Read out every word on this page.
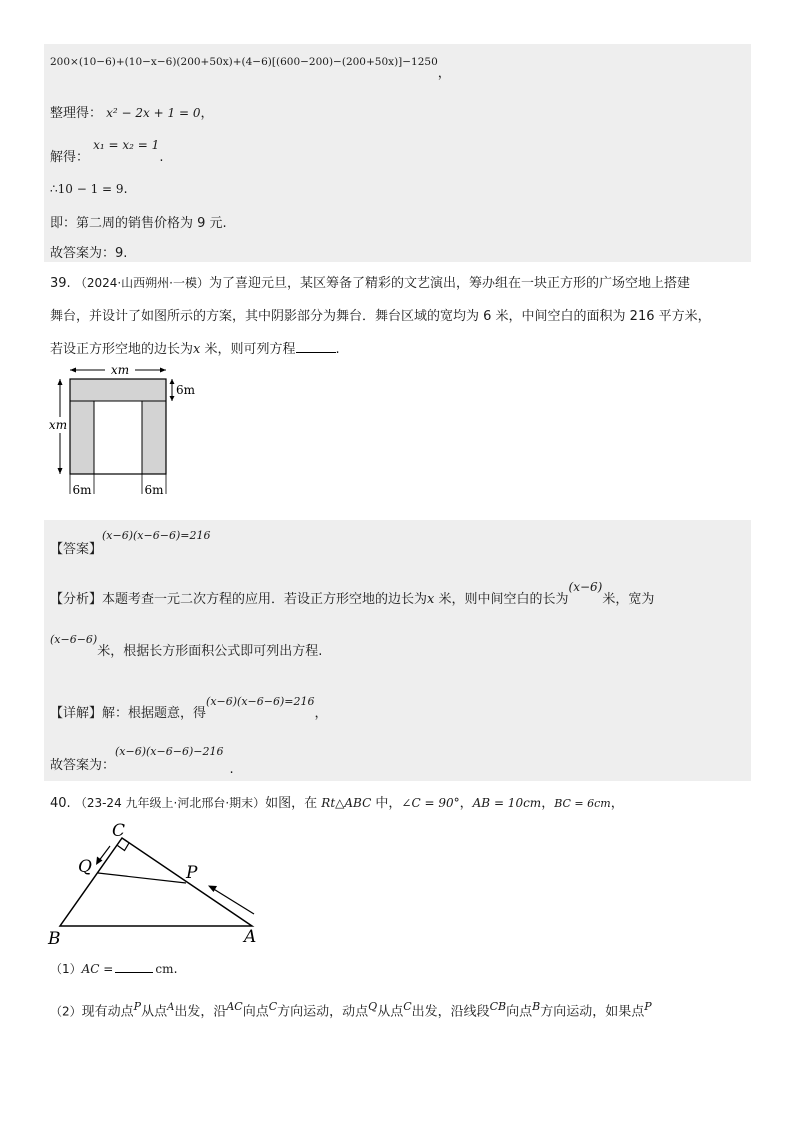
200×(10−6)+(10−x−6)(200+50x)+(4−6)[(600−200)−(200+50x)]−1250，
整理得： x² − 2x + 1 = 0，
解得： x₁ = x₂ = 1.
∴10 − 1 = 9.
即：第二周的销售价格为 9 元.
故答案为：9.
39. （2024·山西朔州·一模）为了喜迎元旦，某区筹备了精彩的文艺演出，筹办组在一块正方形的广场空地上搭建
舞台，并设计了如图所示的方案，其中阴影部分为舞台．舞台区域的宽均为 6 米，中间空白的面积为 216 平方米，
若设正方形空地的边长为x 米，则可列方程	.
xm
xm
6m
6m	6m
【答案】(x−6)(x−6−6)=216
【分析】本题考查一元二次方程的应用．若设正方形空地的边长为x 米，则中间空白的长为(x−6)米，宽为
$^{(x-6-6)}$米，根据长方形面积公式即可列出方程.
【详解】解：根据题意，得(x−6)(x−6−6)=216，
故答案为：(x−6)(x−6−6)−216.
40. （23-24 九年级上·河北邢台·期末）如图，在 Rt△ABC 中，∠C = 90°，AB = 10cm，BC = 6cm，
C
Q	P
B	A
（1）AC =	cm.
（2）现有动点$^P$从点$^A$出发，沿$^{AC}$向点$^C$方向运动，动点$^Q$从点$^C$出发，沿线段$^{CB}$向点$^B$方向运动，如果点$^P$
